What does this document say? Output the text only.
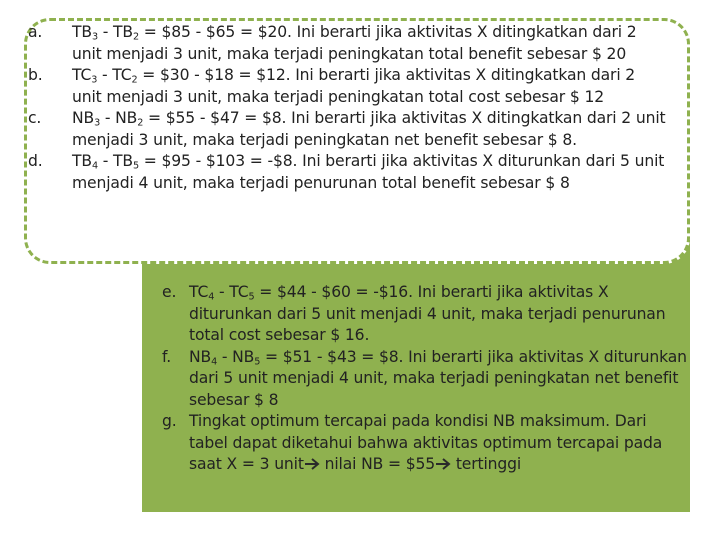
a. $TB_3 - TB_2$ = $85 - $65 = $20. Ini berarti jika aktivitas X ditingkatkan dari 2 unit menjadi 3 unit, maka terjadi peningkatan total benefit sebesar $ 20
b. $TC_3 - TC_2$ = $30 - $18 = $12. Ini berarti jika aktivitas X ditingkatkan dari 2 unit menjadi 3 unit, maka terjadi peningkatan total cost sebesar $ 12
c. $NB_3 - NB_2$ = $55 - $47 = $8. Ini berarti jika aktivitas X ditingkatkan dari 2 unit menjadi 3 unit, maka terjadi peningkatan net benefit sebesar $ 8.
d. $TB_4 - TB_5$ = $95 - $103 = -$8. Ini berarti jika aktivitas X diturunkan dari 5 unit menjadi 4 unit, maka terjadi penurunan total benefit sebesar $ 8
e. $TC_4 - TC_5$ = $44 - $60 = -$16. Ini berarti jika aktivitas X diturunkan dari 5 unit menjadi 4 unit, maka terjadi penurunan total cost sebesar $ 16.
f. $NB_4 - NB_5$ = $51 - $43 = $8. Ini berarti jika aktivitas X diturunkan dari 5 unit menjadi 4 unit, maka terjadi peningkatan net benefit sebesar $ 8
g. Tingkat optimum tercapai pada kondisi NB maksimum. Dari tabel dapat diketahui bahwa aktivitas optimum tercapai pada saat X = 3 unit nilai NB = $55 tertinggi
